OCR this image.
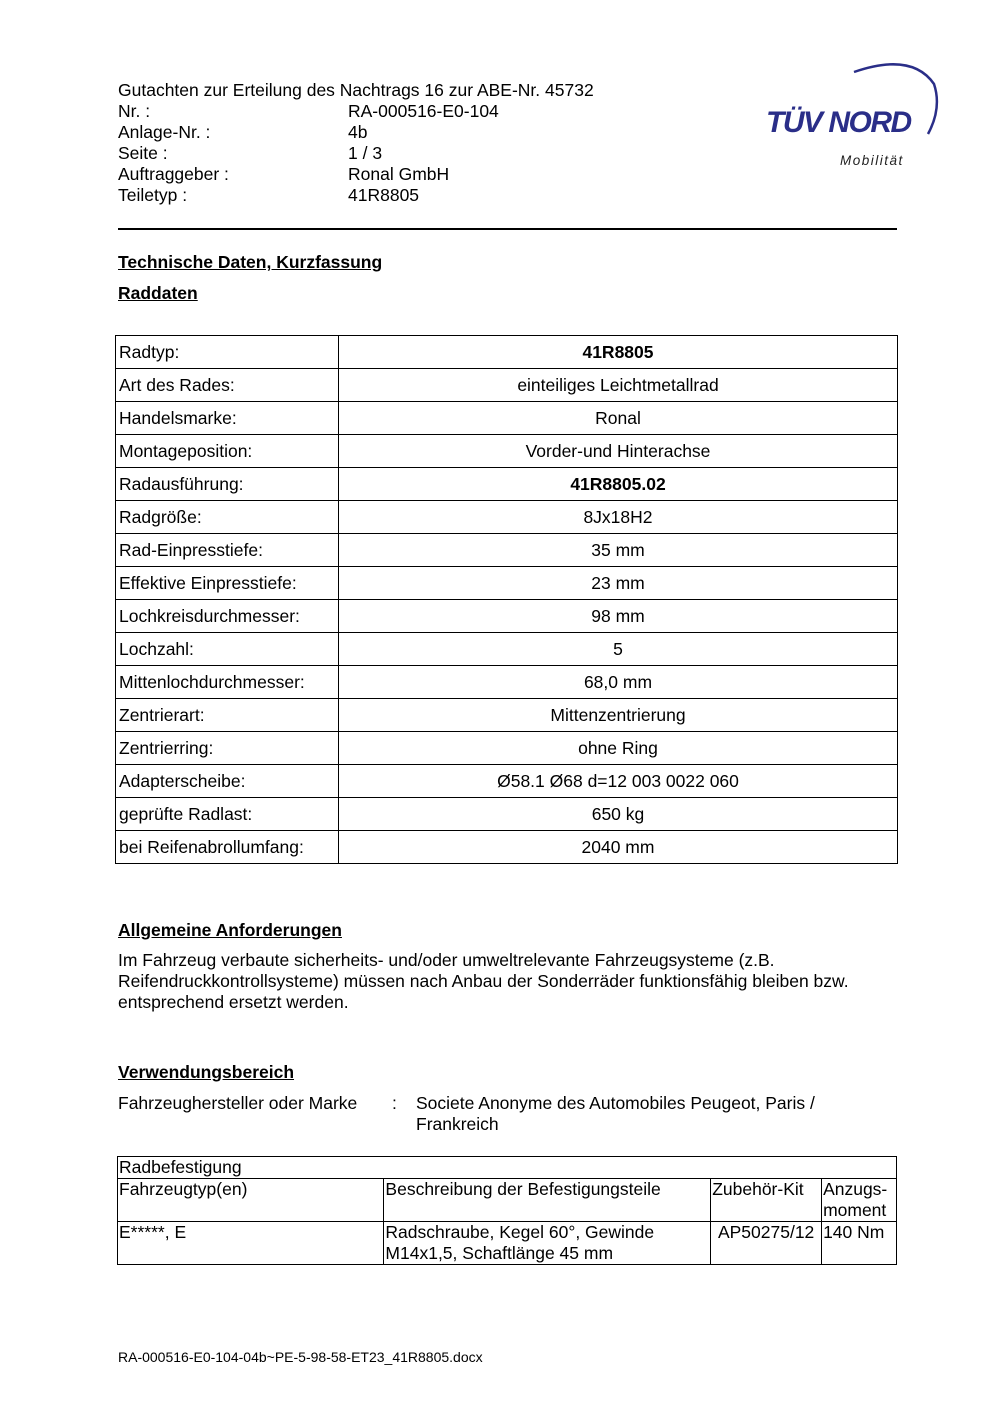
Gutachten zur Erteilung des Nachtrags 16 zur ABE-Nr. 45732
Nr. :	RA-000516-E0-104
Anlage-Nr. :	4b
Seite :	1 / 3
Auftraggeber :	Ronal GmbH
Teiletyp :	41R8805
TÜV NORD
Mobilität
Technische Daten, Kurzfassung
Raddaten
Radtyp:	41R8805
Art des Rades:	einteiliges Leichtmetallrad
Handelsmarke:	Ronal
Montageposition:	Vorder-und Hinterachse
Radausführung:	41R8805.02
Radgröße:	8Jx18H2
Rad-Einpresstiefe:	35 mm
Effektive Einpresstiefe:	23 mm
Lochkreisdurchmesser:	98 mm
Lochzahl:	5
Mittenlochdurchmesser:	68,0 mm
Zentrierart:	Mittenzentrierung
Zentrierring:	ohne Ring
Adapterscheibe:	Ø58.1 Ø68 d=12 003 0022 060
geprüfte Radlast:	650 kg
bei Reifenabrollumfang:	2040 mm
Allgemeine Anforderungen
Im Fahrzeug verbaute sicherheits- und/oder umweltrelevante Fahrzeugsysteme (z.B. Reifendruckkontrollsysteme) müssen nach Anbau der Sonderräder funktionsfähig bleiben bzw. entsprechend ersetzt werden.
Verwendungsbereich
Fahrzeughersteller oder Marke : Societe Anonyme des Automobiles Peugeot, Paris / Frankreich
Radbefestigung			
Fahrzeugtyp(en)	Beschreibung der Befestigungsteile	Zubehör-Kit	Anzugs-moment
E*****, E	Radschraube, Kegel 60°, Gewinde M14x1,5, Schaftlänge 45 mm	AP50275/12	140 Nm
RA-000516-E0-104-04b~PE-5-98-58-ET23_41R8805.docx
